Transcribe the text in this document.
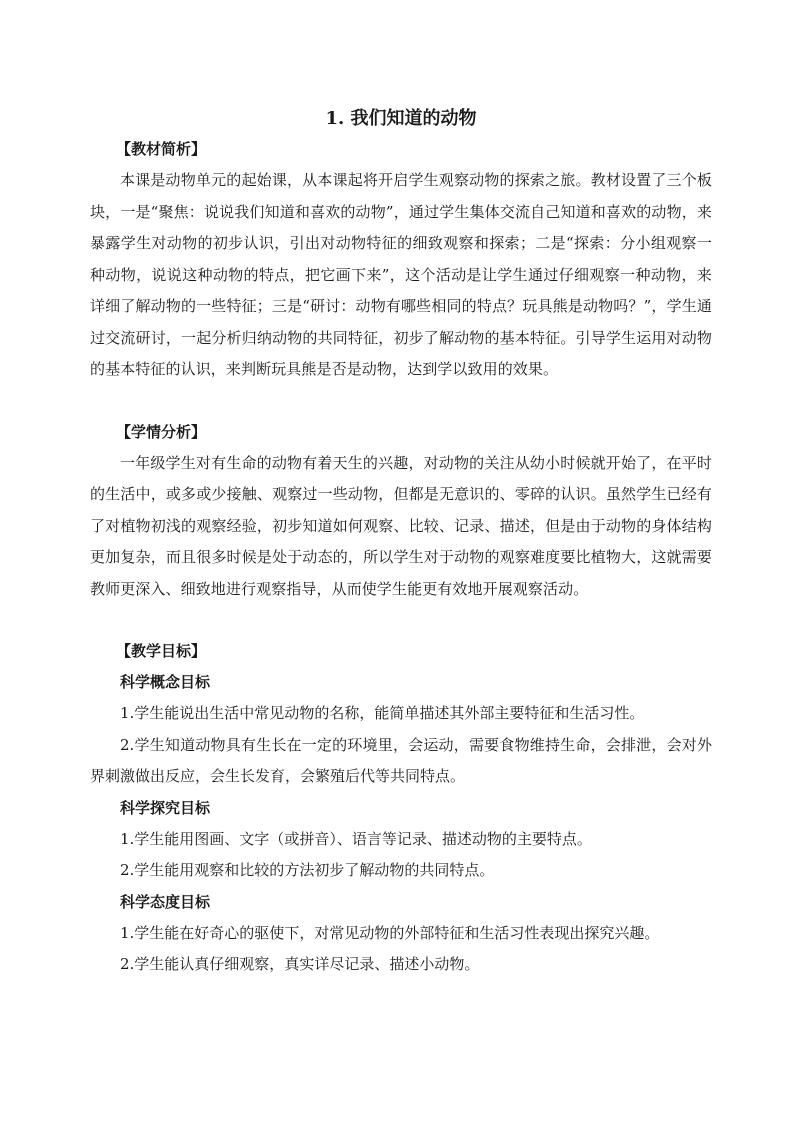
1. 我们知道的动物

【教材简析】

本课是动物单元的起始课，从本课起将开启学生观察动物的探索之旅。教材设置了三个板块，一是“聚焦：说说我们知道和喜欢的动物”，通过学生集体交流自己知道和喜欢的动物，来暴露学生对动物的初步认识，引出对动物特征的细致观察和探索；二是“探索：分小组观察一种动物，说说这种动物的特点，把它画下来”，这个活动是让学生通过仔细观察一种动物，来详细了解动物的一些特征；三是“研讨：动物有哪些相同的特点？玩具熊是动物吗？”，学生通过交流研讨，一起分析归纳动物的共同特征，初步了解动物的基本特征。引导学生运用对动物的基本特征的认识，来判断玩具熊是否是动物，达到学以致用的效果。

【学情分析】

一年级学生对有生命的动物有着天生的兴趣，对动物的关注从幼小时候就开始了，在平时的生活中，或多或少接触、观察过一些动物，但都是无意识的、零碎的认识。虽然学生已经有了对植物初浅的观察经验，初步知道如何观察、比较、记录、描述，但是由于动物的身体结构更加复杂，而且很多时候是处于动态的，所以学生对于动物的观察难度要比植物大，这就需要教师更深入、细致地进行观察指导，从而使学生能更有效地开展观察活动。

【教学目标】

科学概念目标

1.学生能说出生活中常见动物的名称，能简单描述其外部主要特征和生活习性。

2.学生知道动物具有生长在一定的环境里，会运动，需要食物维持生命，会排泄，会对外界刺激做出反应，会生长发育，会繁殖后代等共同特点。

科学探究目标

1.学生能用图画、文字（或拼音）、语言等记录、描述动物的主要特点。

2.学生能用观察和比较的方法初步了解动物的共同特点。

科学态度目标

1.学生能在好奇心的驱使下，对常见动物的外部特征和生活习性表现出探究兴趣。

2.学生能认真仔细观察，真实详尽记录、描述小动物。
